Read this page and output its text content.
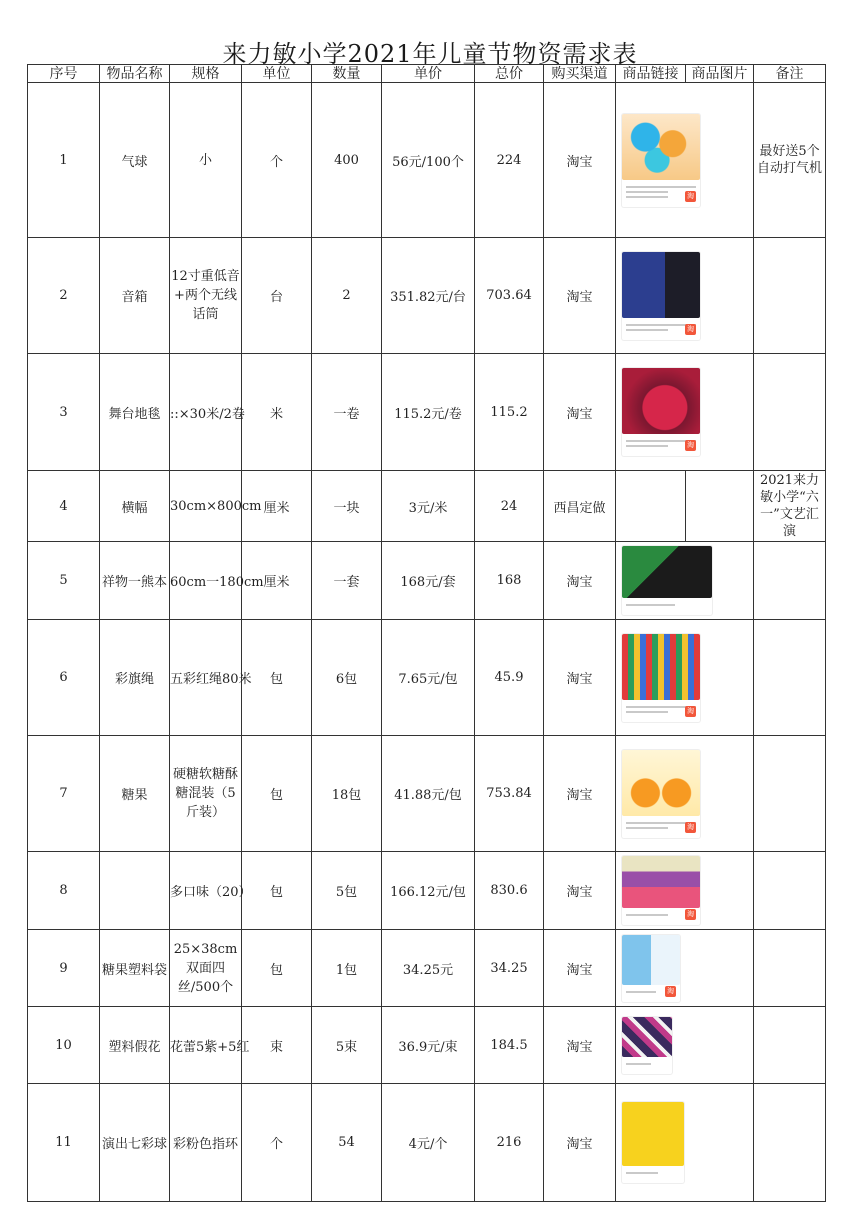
来力敏小学2021年儿童节物资需求表
序号	物品名称	规格	单位	数量	单价	总价	购买渠道	商品链接	商品图片	备注
1	气球	小	个	400	56元/100个	224	淘宝	淘		最好送5个自动打气机
2	音箱	12寸重低音+两个无线话筒	台	2	351.82元/台	703.64	淘宝	淘		

3	舞台地毯	::×30米/2卷	米	一卷	115.2元/卷	115.2	淘宝	淘		

4	横幅	30cm×800cm	厘米	一块	3元/米	24	西昌定做			2021来力敏小学“六一”文艺汇演
5	祥物一熊本	60cm一180cm	厘米	一套	168元/套	168	淘宝		

6	彩旗绳	五彩红绳80米	包	6包	7.65元/包	45.9	淘宝	淘		

7	糖果	硬糖软糖酥糖混装（5斤装）	包	18包	41.88元/包	753.84	淘宝	淘		

8		多口味（20）	包	5包	166.12元/包	830.6	淘宝	淘		

9	糖果塑料袋	25×38cm双面四丝/500个	包	1包	34.25元	34.25	淘宝	淘		

10	塑料假花	花蕾5紫+5红	束	5束	36.9元/束	184.5	淘宝		

11	演出七彩球	彩粉色指环	个	54	4元/个	216	淘宝		
